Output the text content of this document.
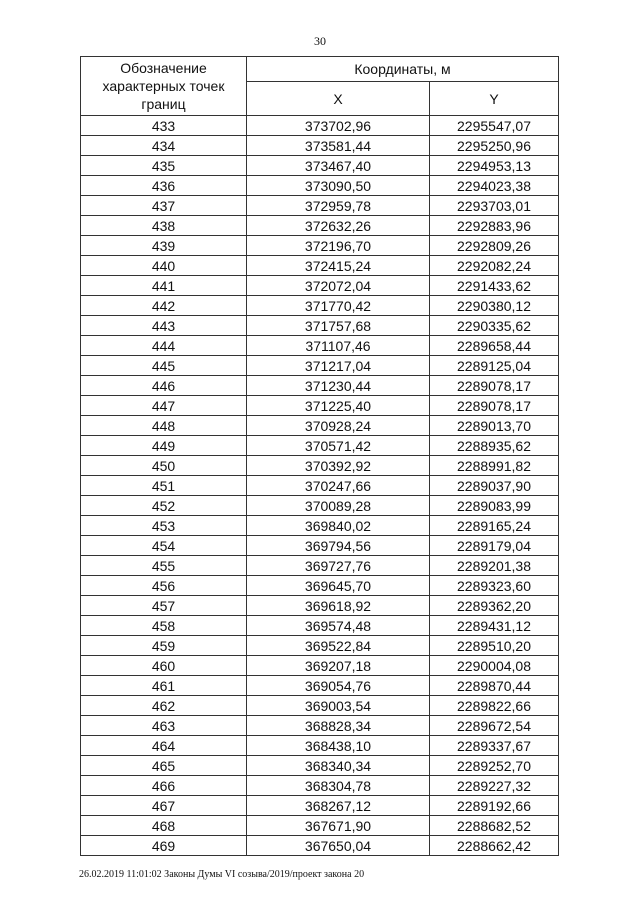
30
Обозначение характерных точек границ	Координаты, м	
	X	Y
433	373702,96	2295547,07
434	373581,44	2295250,96
435	373467,40	2294953,13
436	373090,50	2294023,38
437	372959,78	2293703,01
438	372632,26	2292883,96
439	372196,70	2292809,26
440	372415,24	2292082,24
441	372072,04	2291433,62
442	371770,42	2290380,12
443	371757,68	2290335,62
444	371107,46	2289658,44
445	371217,04	2289125,04
446	371230,44	2289078,17
447	371225,40	2289078,17
448	370928,24	2289013,70
449	370571,42	2288935,62
450	370392,92	2288991,82
451	370247,66	2289037,90
452	370089,28	2289083,99
453	369840,02	2289165,24
454	369794,56	2289179,04
455	369727,76	2289201,38
456	369645,70	2289323,60
457	369618,92	2289362,20
458	369574,48	2289431,12
459	369522,84	2289510,20
460	369207,18	2290004,08
461	369054,76	2289870,44
462	369003,54	2289822,66
463	368828,34	2289672,54
464	368438,10	2289337,67
465	368340,34	2289252,70
466	368304,78	2289227,32
467	368267,12	2289192,66
468	367671,90	2288682,52
469	367650,04	2288662,42
26.02.2019 11:01:02 Законы Думы VI созыва/2019/проект закона 20
